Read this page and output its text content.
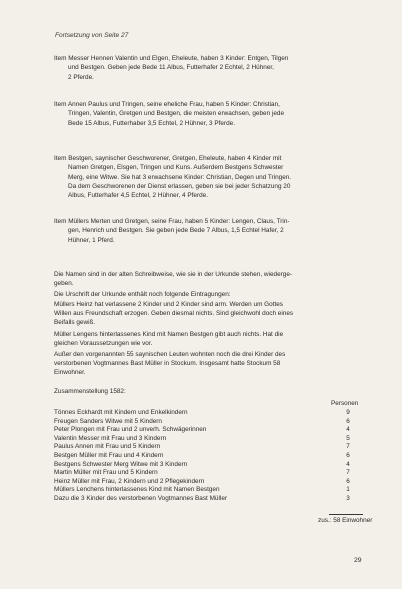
Fortsetzung von Seite 27
Item Messer Hennen Valentin und Elgen, Eheleute, haben 3 Kinder: Entgen, Tilgen
und Bestgen. Geben jede Bede 11 Albus, Futterhafer 2 Echtel, 2 Hühner,
2 Pferde.
Item Annen Paulus und Tringen, seine eheliche Frau, haben 5 Kinder: Christian,
Tringen, Valentin, Gretgen und Bestgen, die meisten erwachsen, geben jede
Bede 15 Albus, Futterhaber 3,5 Echtel, 2 Hühner, 3 Pferde.
Item Bestgen, saynischer Geschworener, Gretgen, Eheleute, haben 4 Kinder mit
Namen Gretgen, Elsgen, Tringen und Kuns. Außerdem Bestgens Schwester
Merg, eine Witwe. Sie hat 3 erwachsene Kinder: Christian, Degen und Tringen.
Da dem Geschworenen der Dienst erlassen, geben sie bei jeder Schatzung 20
Albus, Futterhafer 4,5 Echtel, 2 Hühner, 4 Pferde.
Item Müllers Merten und Gretgen, seine Frau, haben 5 Kinder: Lengen, Claus, Trin-
gen, Henrich und Bestgen. Sie geben jede Bede 7 Albus, 1,5 Echtel Hafer, 2
Hühner, 1 Pferd.
Die Namen sind in der alten Schreibweise, wie sie in der Urkunde stehen, wiederge-
geben.
Die Urschrift der Urkunde enthält noch folgende Eintragungen:
Müllers Heinz hat verlassene 2 Kinder und 2 Kinder sind arm. Werden um Gottes
Willen aus Freundschaft erzogen. Geben diesmal nichts. Sind gleichwohl doch eines
Beifalls gewiß.
Müller Lengens hinterlassenes Kind mit Namen Bestgen gibt auch nichts. Hat die
gleichen Voraussetzungen wie vor.
Außer den vorgenannten 55 saynischen Leuten wohnten noch die drei Kinder des
verstorbenen Vogtmannes Bast Müller in Stockum. Insgesamt hatte Stockum 58
Einwohner.
Zusammenstellung 1582:
Personen
Tönnes Eckhardt mit Kindern und Enkelkindern	9
Freugen Sanders Witwe mit 5 Kindern	6
Peter Plongen mit Frau und 2 unverh. Schwägerinnen	4
Valentin Messer mit Frau und 3 Kindern	5
Paulus Annen mit Frau und 5 Kindern	7
Bestgen Müller mit Frau und 4 Kindern	6
Bestgens Schwester Merg Witwe mit 3 Kindern	4
Martin Müller mit Frau und 5 Kindern	7
Heinz Müller mit Frau, 2 Kindern und 2 Pflegekindern	6
Müllers Lenchens hinterlassenes Kind mit Namen Bestgen	1
Dazu die 3 Kinder des verstorbenen Vogtmannes Bast Müller	3
zus.: 58 Einwohner
29
